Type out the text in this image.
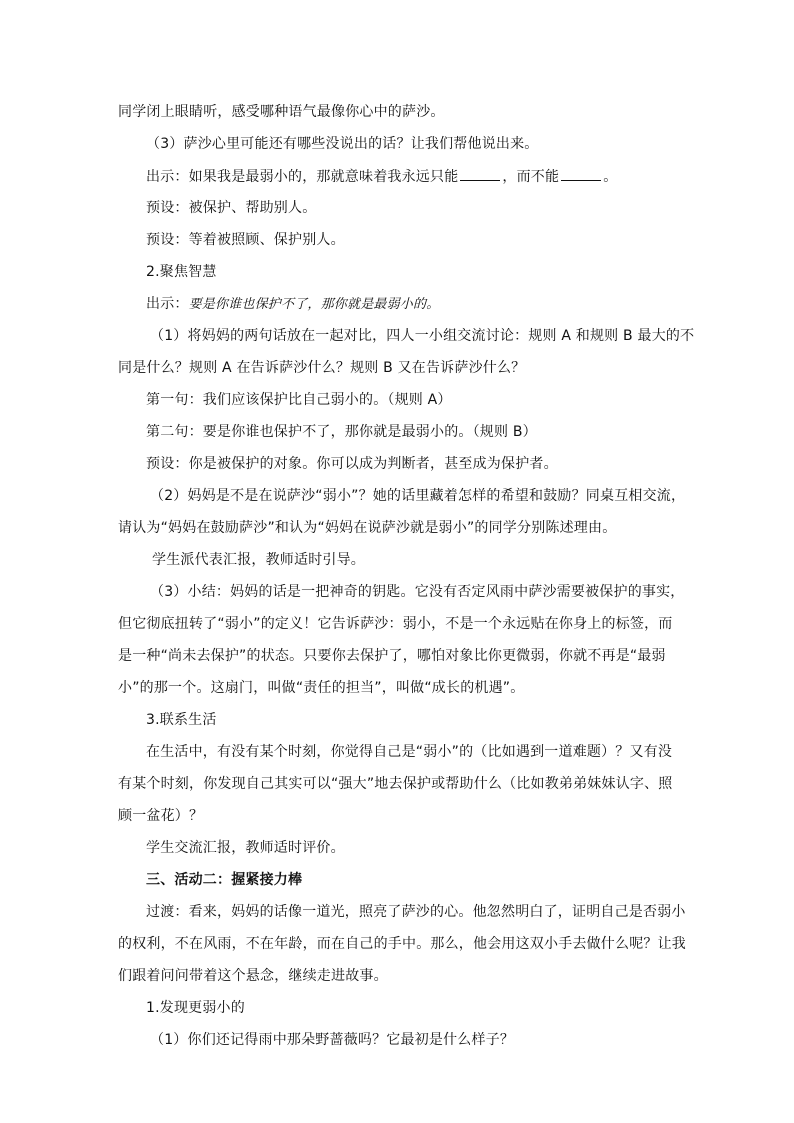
同学闭上眼睛听，感受哪种语气最像你心中的萨沙。
（3）萨沙心里可能还有哪些没说出的话？让我们帮他说出来。
出示：如果我是最弱小的，那就意味着我永远只能	，而不能	。
预设：被保护、帮助别人。
预设：等着被照顾、保护别人。
2.聚焦智慧
出示：要是你谁也保护不了，那你就是最弱小的。
（1）将妈妈的两句话放在一起对比，四人一小组交流讨论：规则 A 和规则 B 最大的不
同是什么？规则 A 在告诉萨沙什么？规则 B 又在告诉萨沙什么？
第一句：我们应该保护比自己弱小的。（规则 A）
第二句：要是你谁也保护不了，那你就是最弱小的。（规则 B）
预设：你是被保护的对象。你可以成为判断者，甚至成为保护者。
（2）妈妈是不是在说萨沙“弱小”？她的话里藏着怎样的希望和鼓励？同桌互相交流，
请认为“妈妈在鼓励萨沙”和认为“妈妈在说萨沙就是弱小”的同学分别陈述理由。
学生派代表汇报，教师适时引导。
（3）小结：妈妈的话是一把神奇的钥匙。它没有否定风雨中萨沙需要被保护的事实，
但它彻底扭转了“弱小”的定义！它告诉萨沙：弱小，不是一个永远贴在你身上的标签，而
是一种“尚未去保护”的状态。只要你去保护了，哪怕对象比你更微弱，你就不再是“最弱
小”的那一个。这扇门，叫做“责任的担当”，叫做“成长的机遇”。
3.联系生活
在生活中，有没有某个时刻，你觉得自己是“弱小”的（比如遇到一道难题）？又有没
有某个时刻，你发现自己其实可以“强大”地去保护或帮助什么（比如教弟弟妹妹认字、照
顾一盆花）？
学生交流汇报，教师适时评价。
三、活动二：握紧接力棒
过渡：看来，妈妈的话像一道光，照亮了萨沙的心。他忽然明白了，证明自己是否弱小
的权利，不在风雨，不在年龄，而在自己的手中。那么，他会用这双小手去做什么呢？让我
们跟着问问带着这个悬念，继续走进故事。
1.发现更弱小的
（1）你们还记得雨中那朵野蔷薇吗？它最初是什么样子？
